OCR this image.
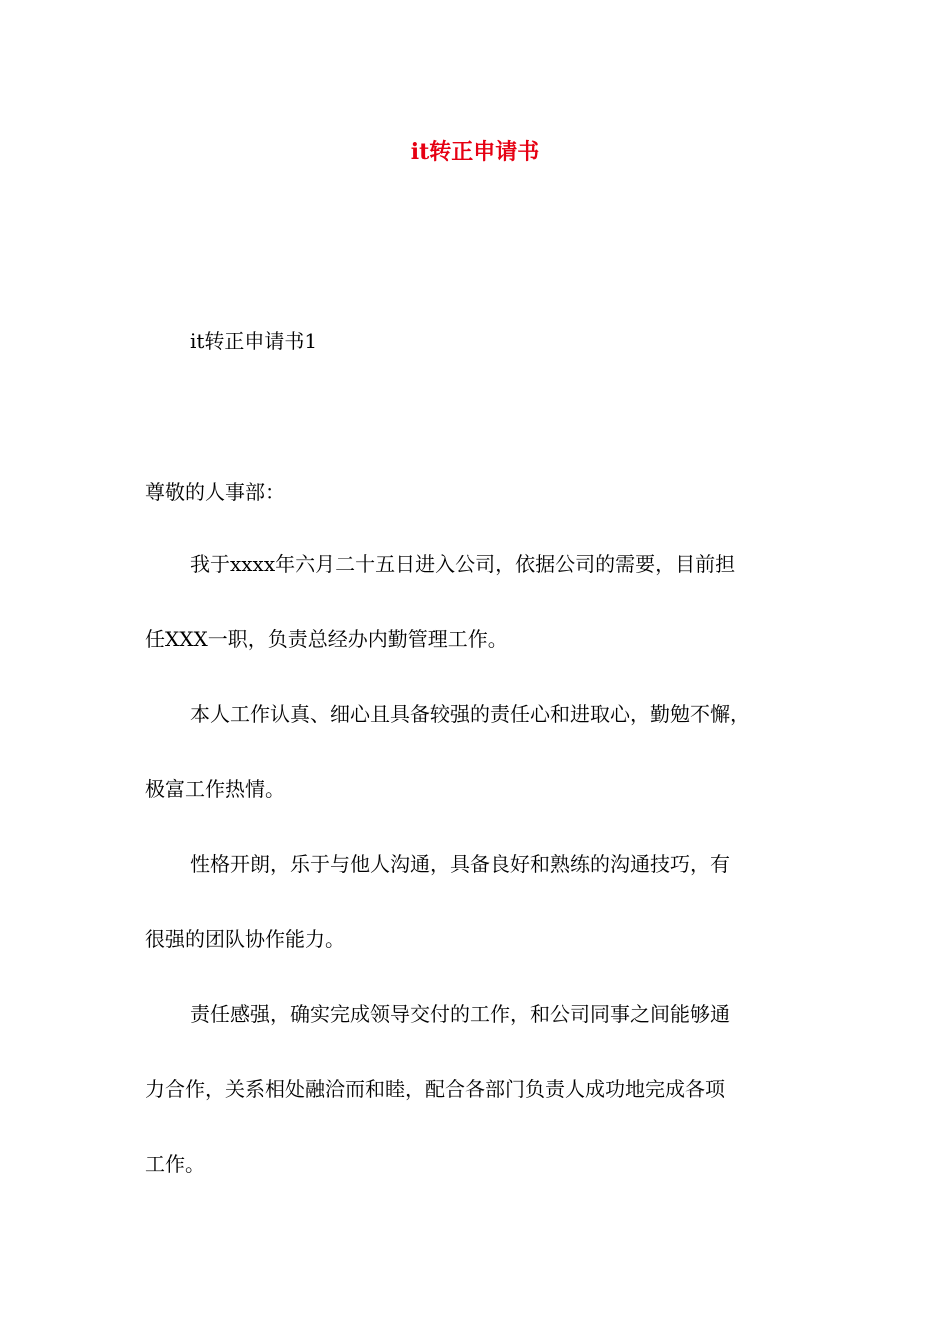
it转正申请书

it转正申请书1

尊敬的人事部：

我于xxxx年六月二十五日进入公司，依据公司的需要，目前担

任XXX一职，负责总经办内勤管理工作。

本人工作认真、细心且具备较强的责任心和进取心，勤勉不懈，

极富工作热情。

性格开朗，乐于与他人沟通，具备良好和熟练的沟通技巧，有

很强的团队协作能力。

责任感强，确实完成领导交付的工作，和公司同事之间能够通

力合作，关系相处融洽而和睦，配合各部门负责人成功地完成各项

工作。
